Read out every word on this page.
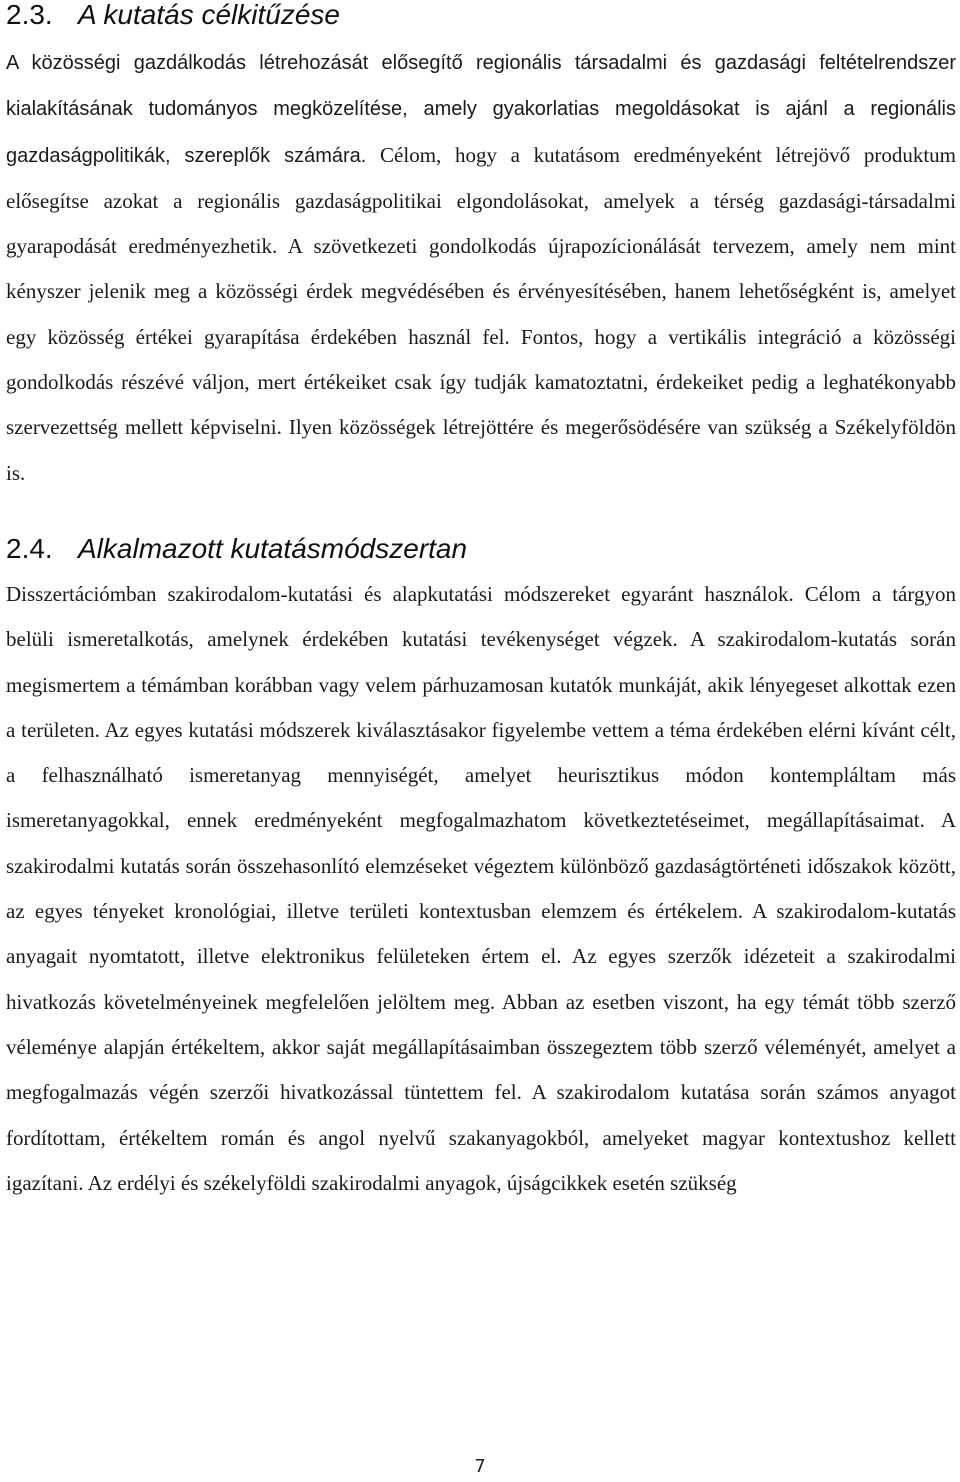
2.3. A kutatás célkitűzése

A közösségi gazdálkodás létrehozását elősegítő regionális társadalmi és gazdasági feltételrendszer kialakításának tudományos megközelítése, amely gyakorlatias megoldásokat is ajánl a regionális gazdaságpolitikák, szereplők számára. Célom, hogy a kutatásom eredményeként létrejövő produktum elősegítse azokat a regionális gazdaságpolitikai elgondolásokat, amelyek a térség gazdasági-társadalmi gyarapodását eredményezhetik. A szövetkezeti gondolkodás újrapozícionálását tervezem, amely nem mint kényszer jelenik meg a közösségi érdek megvédésében és érvényesítésében, hanem lehetőségként is, amelyet egy közösség értékei gyarapítása érdekében használ fel. Fontos, hogy a vertikális integráció a közösségi gondolkodás részévé váljon, mert értékeiket csak így tudják kamatoztatni, érdekeiket pedig a leghatékonyabb szervezettség mellett képviselni. Ilyen közösségek létrejöttére és megerősödésére van szükség a Székelyföldön is.

2.4. Alkalmazott kutatásmódszertan

Disszertációmban szakirodalom-kutatási és alapkutatási módszereket egyaránt használok. Célom a tárgyon belüli ismeretalkotás, amelynek érdekében kutatási tevékenységet végzek. A szakirodalom-kutatás során megismertem a témámban korábban vagy velem párhuzamosan kutatók munkáját, akik lényegeset alkottak ezen a területen. Az egyes kutatási módszerek kiválasztásakor figyelembe vettem a téma érdekében elérni kívánt célt, a felhasználható ismeretanyag mennyiségét, amelyet heurisztikus módon kontempláltam más ismeretanyagokkal, ennek eredményeként megfogalmazhatom következtetéseimet, megállapításaimat. A szakirodalmi kutatás során összehasonlító elemzéseket végeztem különböző gazdaságtörténeti időszakok között, az egyes tényeket kronológiai, illetve területi kontextusban elemzem és értékelem. A szakirodalom-kutatás anyagait nyomtatott, illetve elektronikus felületeken értem el. Az egyes szerzők idézeteit a szakirodalmi hivatkozás követelményeinek megfelelően jelöltem meg. Abban az esetben viszont, ha egy témát több szerző véleménye alapján értékeltem, akkor saját megállapításaimban összegeztem több szerző véleményét, amelyet a megfogalmazás végén szerzői hivatkozással tüntettem fel. A szakirodalom kutatása során számos anyagot fordítottam, értékeltem román és angol nyelvű szakanyagokból, amelyeket magyar kontextushoz kellett igazítani. Az erdélyi és székelyföldi szakirodalmi anyagok, újságcikkek esetén szükség

7
